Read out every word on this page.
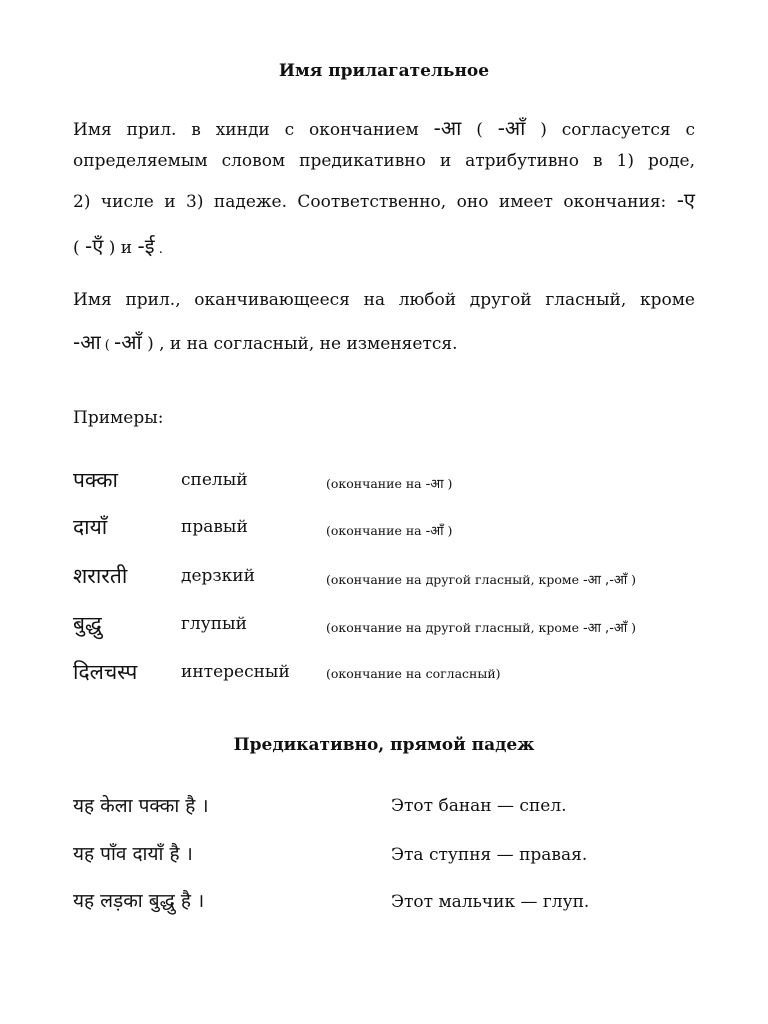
Имя прилагательное
Имя прил. в хинди с окончанием -आ ( -आँ ) согласуется с
определяемым словом предикативно и атрибутивно в 1) роде,
2) числе и 3) падеже. Соответственно, оно имеет окончания: -ए
( -एँ ) и -ई .
Имя прил., оканчивающееся на любой другой гласный, кроме
-आ ( -आँ ) , и на согласный, не изменяется.
Примеры:
पक्का	спелый	(окончание на -आ )
दायाँ	правый	(окончание на -आँ )
शरारती	дерзкий	(окончание на другой гласный, кроме -आ ,-आँ )
बुद्धु	глупый	(окончание на другой гласный, кроме -आ ,-आँ )
दिलचस्प	интересный	(окончание на согласный)
Предикативно, прямой падеж
यह केला पक्का है ।	Этот банан — спел.
यह पाँव दायाँ है ।	Эта ступня — правая.
यह लड़का बुद्धु है ।	Этот мальчик — глуп.
